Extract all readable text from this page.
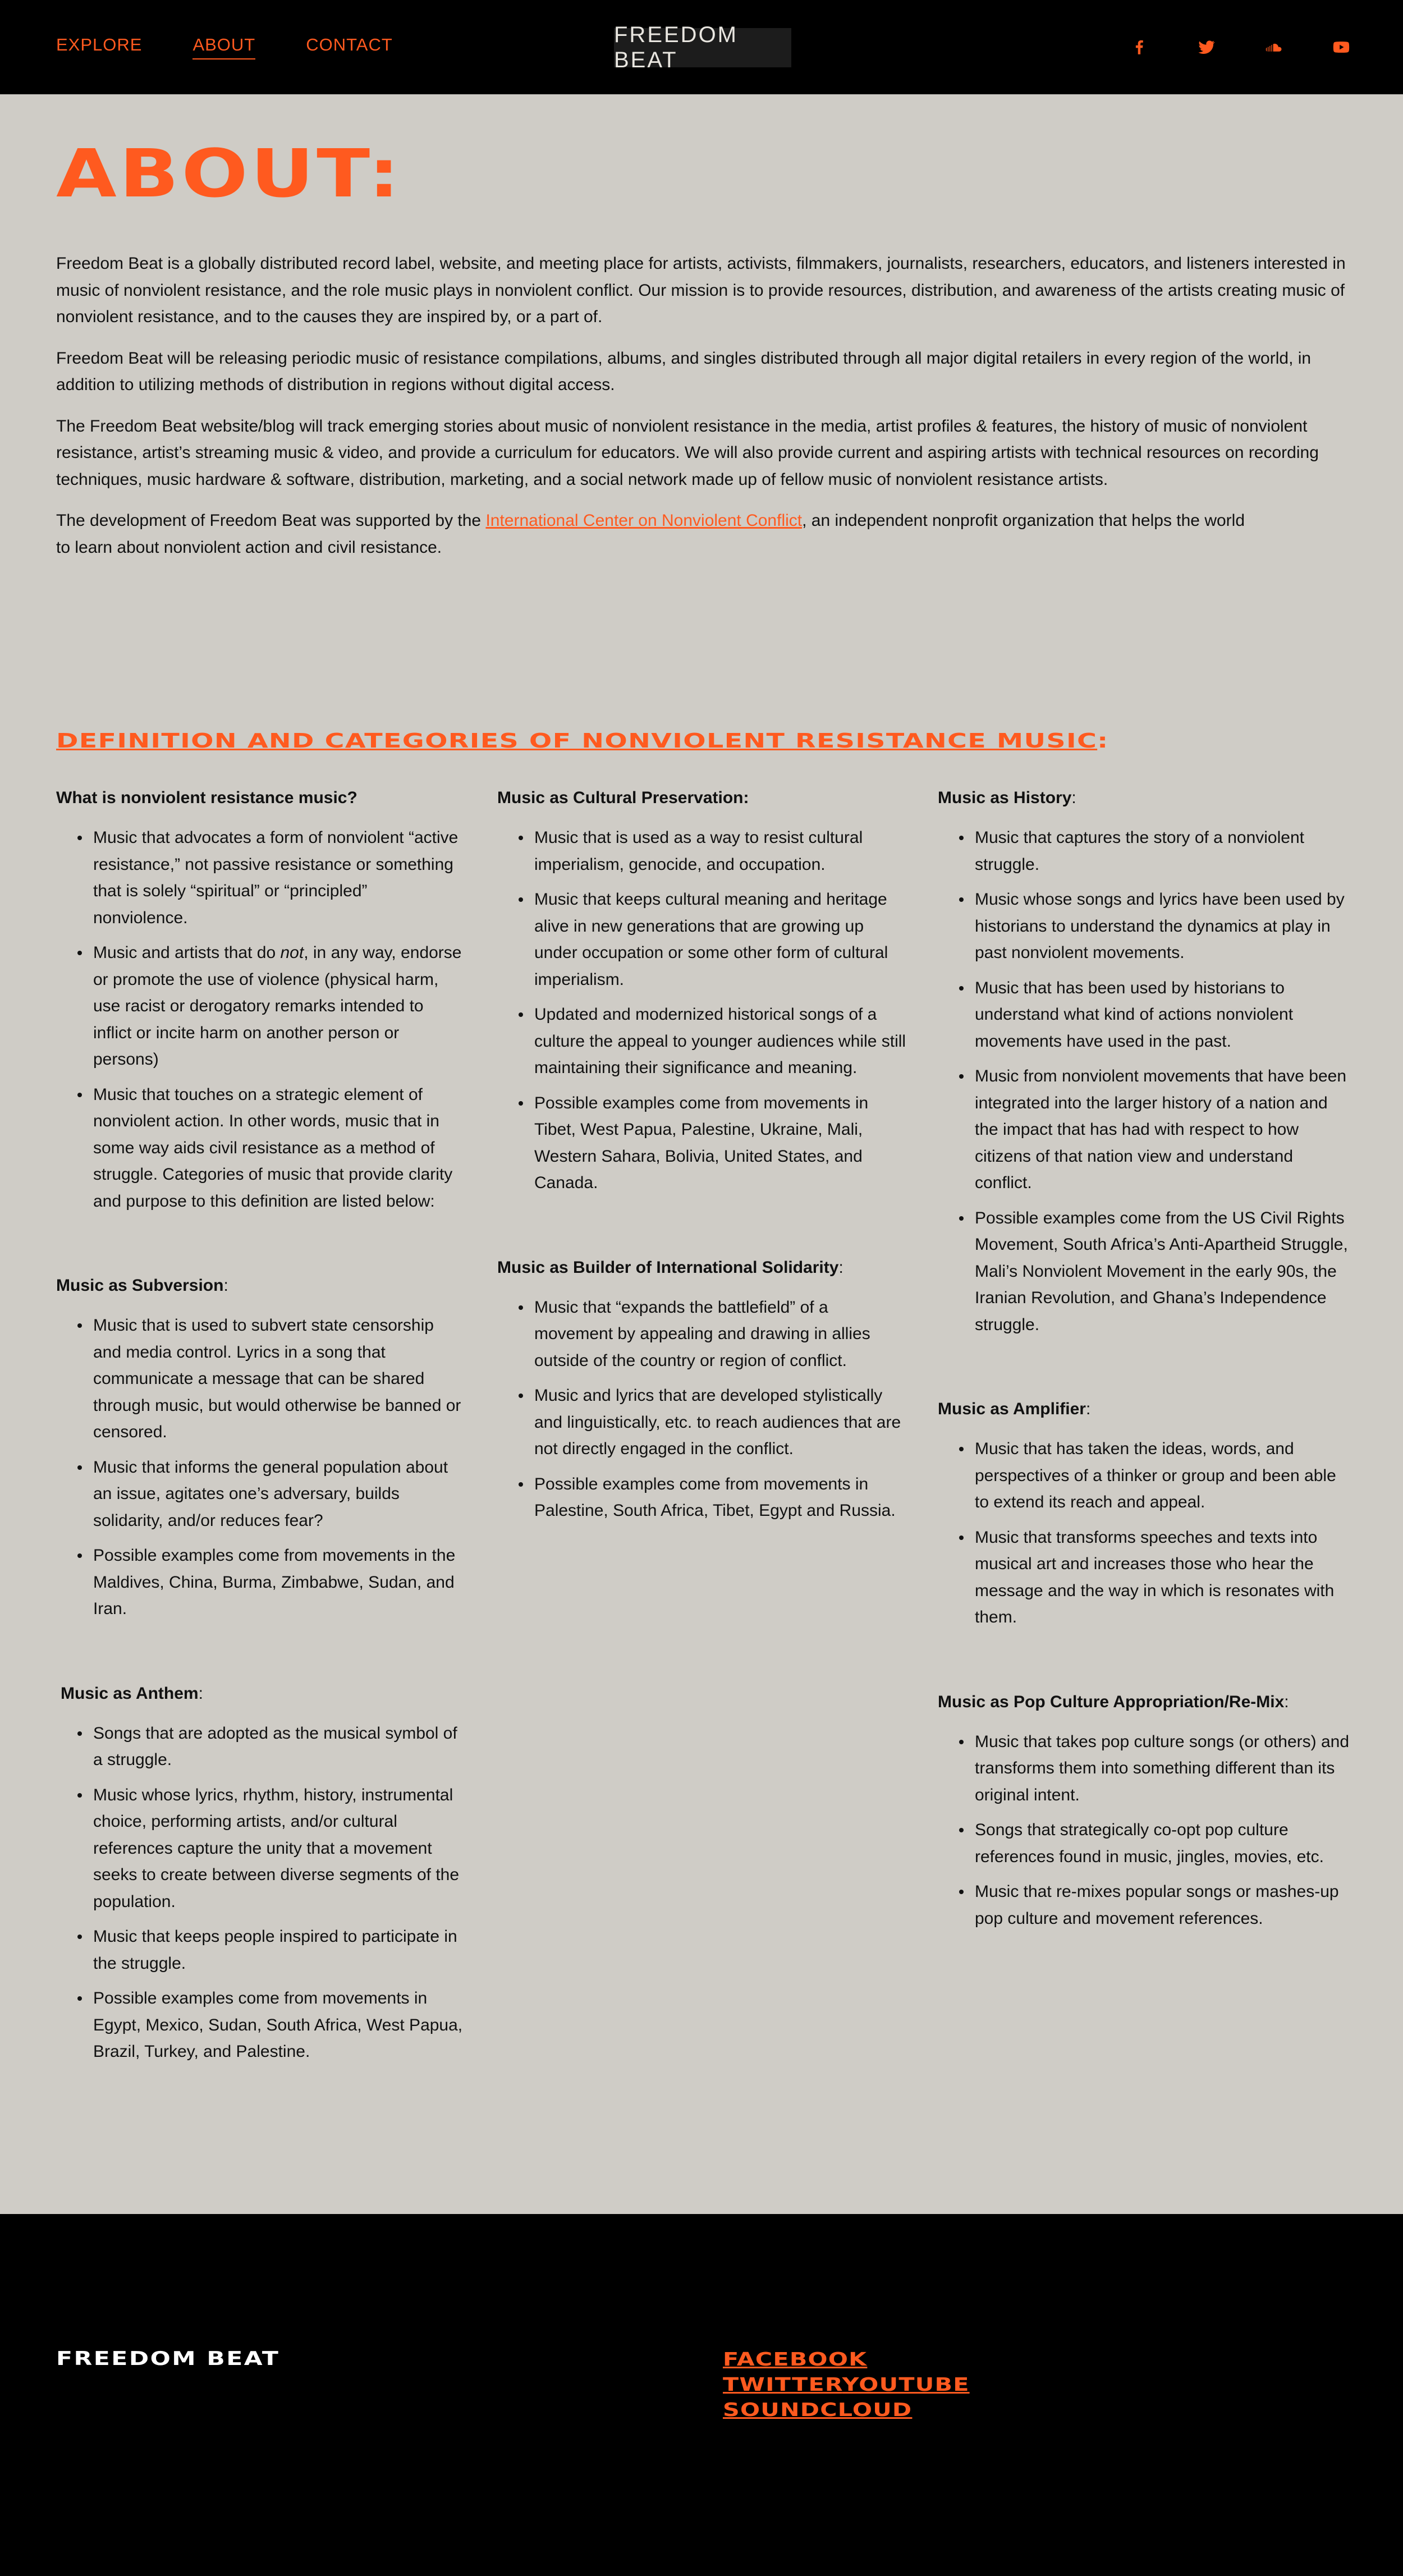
EXPLORE	ABOUT	CONTACT	FREEDOM BEAT
ABOUT:

Freedom Beat is a globally distributed record label, website, and meeting place for artists, activists, filmmakers, journalists, researchers, educators, and listeners interested in music of nonviolent resistance, and the role music plays in nonviolent conflict. Our mission is to provide resources, distribution, and awareness of the artists creating music of nonviolent resistance, and to the causes they are inspired by, or a part of.

Freedom Beat will be releasing periodic music of resistance compilations, albums, and singles distributed through all major digital retailers in every region of the world, in addition to utilizing methods of distribution in regions without digital access.

The Freedom Beat website/blog will track emerging stories about music of nonviolent resistance in the media, artist profiles & features, the history of music of nonviolent resistance, artist’s streaming music & video, and provide a curriculum for educators. We will also provide current and aspiring artists with technical resources on recording techniques, music hardware & software, distribution, marketing, and a social network made up of fellow music of nonviolent resistance artists.

The development of Freedom Beat was supported by the International Center on Nonviolent Conflict, an independent nonprofit organization that helps the world to learn about nonviolent action and civil resistance.

DEFINITION AND CATEGORIES OF NONVIOLENT RESISTANCE MUSIC:
What is nonviolent resistance music?
Music that advocates a form of nonviolent “active resistance,” not passive resistance or something that is solely “spiritual” or “principled” nonviolence.
Music and artists that do not, in any way, endorse or promote the use of violence (physical harm, use racist or derogatory remarks intended to inflict or incite harm on another person or persons)
Music that touches on a strategic element of nonviolent action. In other words, music that in some way aids civil resistance as a method of struggle. Categories of music that provide clarity and purpose to this definition are listed below:
Music as Subversion:
Music that is used to subvert state censorship and media control. Lyrics in a song that communicate a message that can be shared through music, but would otherwise be banned or censored.
Music that informs the general population about an issue, agitates one’s adversary, builds solidarity, and/or reduces fear?
Possible examples come from movements in the Maldives, China, Burma, Zimbabwe, Sudan, and Iran.
Music as Anthem:
Songs that are adopted as the musical symbol of a struggle.
Music whose lyrics, rhythm, history, instrumental choice, performing artists, and/or cultural references capture the unity that a movement seeks to create between diverse segments of the population.
Music that keeps people inspired to participate in the struggle.
Possible examples come from movements in Egypt, Mexico, Sudan, South Africa, West Papua, Brazil, Turkey, and Palestine.
Music as Cultural Preservation:
Music that is used as a way to resist cultural imperialism, genocide, and occupation.
Music that keeps cultural meaning and heritage alive in new generations that are growing up under occupation or some other form of cultural imperialism.
Updated and modernized historical songs of a culture the appeal to younger audiences while still maintaining their significance and meaning.
Possible examples come from movements in Tibet, West Papua, Palestine, Ukraine, Mali, Western Sahara, Bolivia, United States, and Canada.
Music as Builder of International Solidarity:
Music that “expands the battlefield” of a movement by appealing and drawing in allies outside of the country or region of conflict.
Music and lyrics that are developed stylistically and linguistically, etc. to reach audiences that are not directly engaged in the conflict.
Possible examples come from movements in Palestine, South Africa, Tibet, Egypt and Russia.
Music as History:
Music that captures the story of a nonviolent struggle.
Music whose songs and lyrics have been used by historians to understand the dynamics at play in past nonviolent movements.
Music that has been used by historians to understand what kind of actions nonviolent movements have used in the past.
Music from nonviolent movements that have been integrated into the larger history of a nation and the impact that has had with respect to how citizens of that nation view and understand conflict.
Possible examples come from the US Civil Rights Movement, South Africa’s Anti-Apartheid Struggle, Mali’s Nonviolent Movement in the early 90s, the Iranian Revolution, and Ghana’s Independence struggle.
Music as Amplifier:
Music that has taken the ideas, words, and perspectives of a thinker or group and been able to extend its reach and appeal.
Music that transforms speeches and texts into musical art and increases those who hear the message and the way in which is resonates with them.
Music as Pop Culture Appropriation/Re-Mix:
Music that takes pop culture songs (or others) and transforms them into something different than its original intent.
Songs that strategically co-opt pop culture references found in music, jingles, movies, etc.
Music that re-mixes popular songs or mashes-up pop culture and movement references.
FREEDOM BEAT	FACEBOOK
TWITTERYOUTUBE
SOUNDCLOUD
